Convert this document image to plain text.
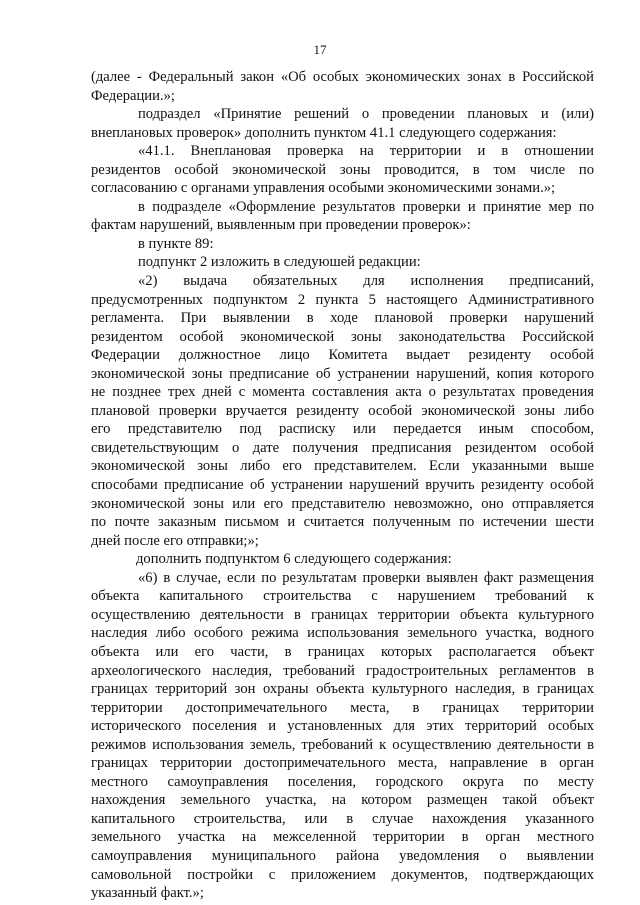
17
(далее - Федеральный закон «Об особых экономических зонах в Российской
Федерации.»;
подраздел «Принятие решений о проведении плановых и (или)
внеплановых проверок» дополнить пунктом 41.1 следующего содержания:
«41.1. Внеплановая проверка на территории и в отношении
резидентов особой экономической зоны проводится, в том числе по
согласованию с органами управления особыми экономическими зонами.»;
в подразделе «Оформление результатов проверки и принятие мер по
фактам нарушений, выявленным при проведении проверок»:
в пункте 89:
подпункт 2 изложить в следуюшей редакции:
«2) выдача обязательных для исполнения предписаний,
предусмотренных подпунктом 2 пункта 5 настоящего Административного
регламента. При выявлении в ходе плановой проверки нарушений
резидентом особой экономической зоны законодательства Российской
Федерации должностное лицо Комитета выдает резиденту особой
экономической зоны предписание об устранении нарушений, копия которого
не позднее трех дней с момента составления акта о результатах проведения
плановой проверки вручается резиденту особой экономической зоны либо
его представителю под расписку или передается иным способом,
свидетельствующим о дате получения предписания резидентом особой
экономической зоны либо его представителем. Если указанными выше
способами предписание об устранении нарушений вручить резиденту особой
экономической зоны или его представителю невозможно, оно отправляется
по почте заказным письмом и считается полученным по истечении шести
дней после его отправки;»;
дополнить подпунктом 6 следующего содержания:
«6) в случае, если по результатам проверки выявлен факт размещения
объекта капитального строительства с нарушением требований к
осуществлению деятельности в границах территории объекта культурного
наследия либо особого режима использования земельного участка, водного
объекта или его части, в границах которых располагается объект
археологического наследия, требований градостроительных регламентов в
границах территорий зон охраны объекта культурного наследия, в границах
территории достопримечательного места, в границах территории
исторического поселения и установленных для этих территорий особых
режимов использования земель, требований к осуществлению деятельности в
границах территории достопримечательного места, направление в орган
местного самоуправления поселения, городского округа по месту
нахождения земельного участка, на котором размещен такой объект
капитального строительства, или в случае нахождения указанного
земельного участка на межселенной территории в орган местного
самоуправления муниципального района уведомления о выявлении
самовольной постройки с приложением документов, подтверждающих
указанный факт.»;
